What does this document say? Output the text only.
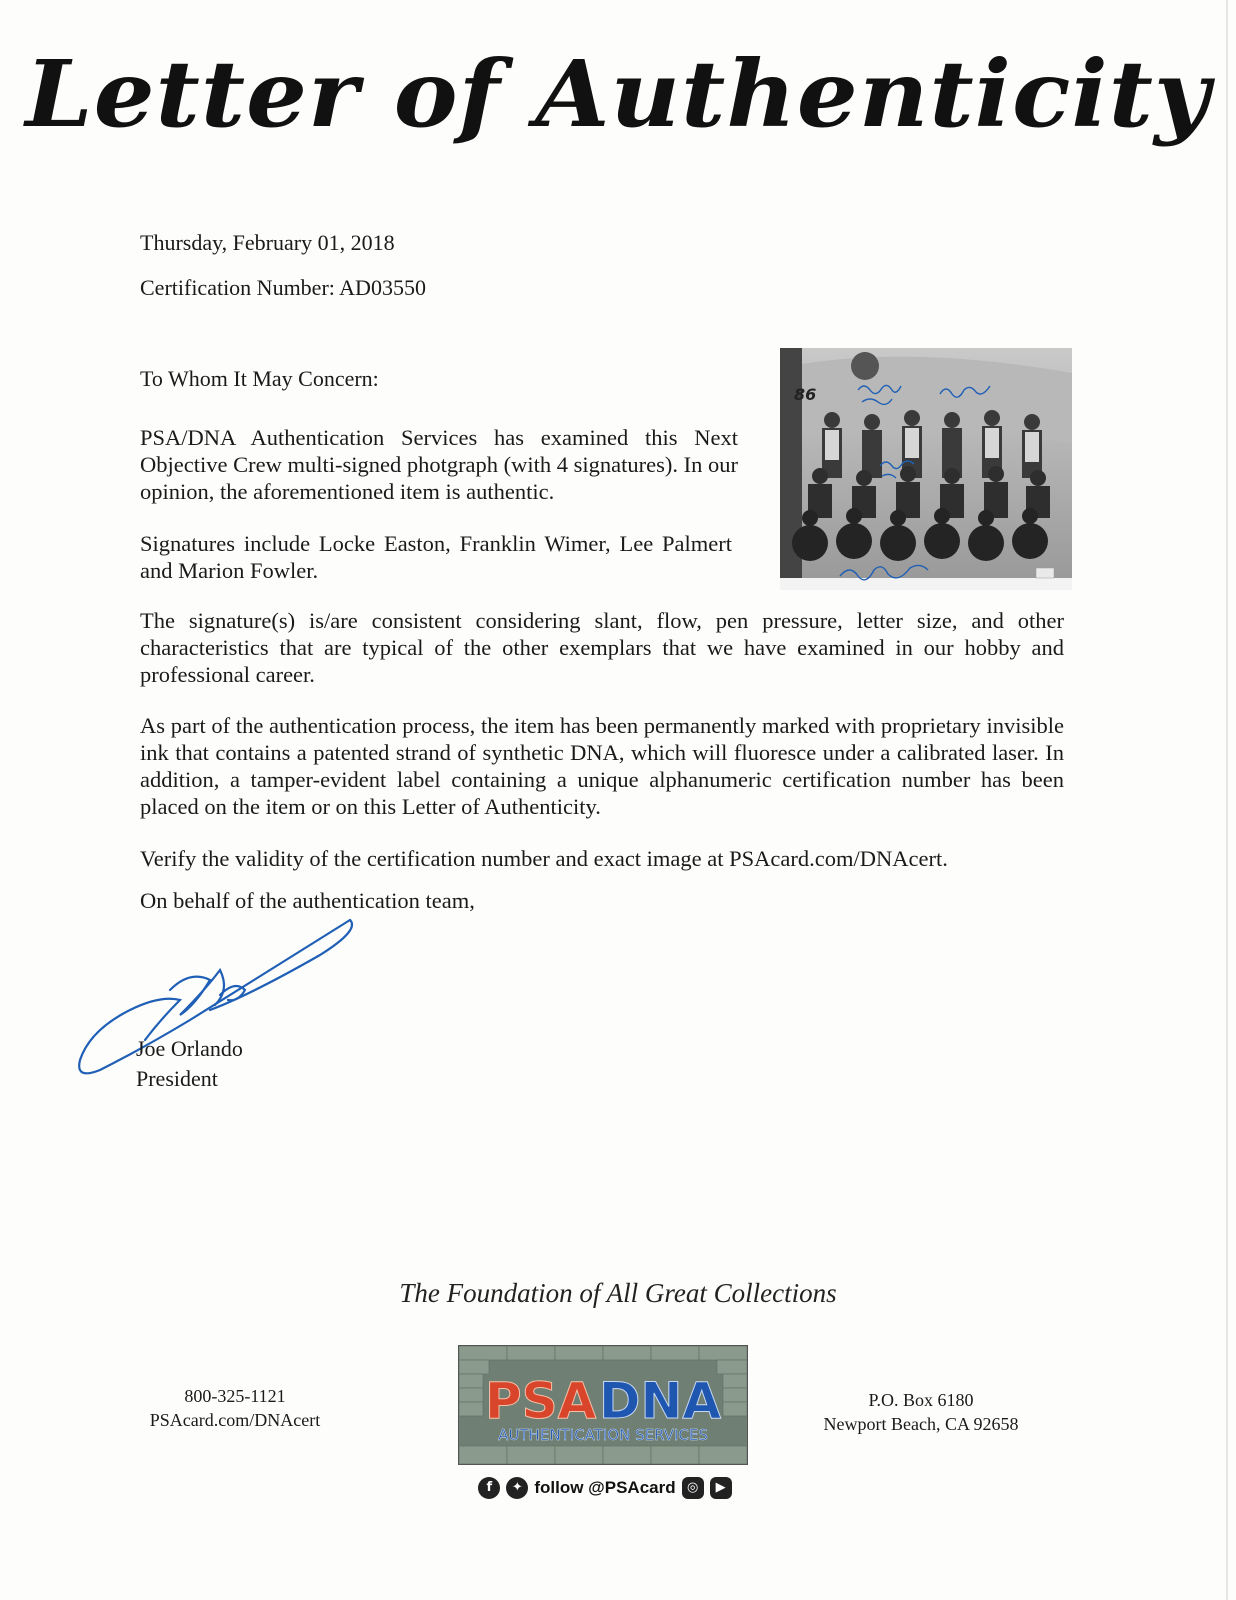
Letter of Authenticity
Thursday, February 01, 2018
Certification Number: AD03550
To Whom It May Concern:
86
PSA/DNA Authentication Services has examined this Next Objective Crew multi-signed photgraph (with 4 signatures). In our opinion, the aforementioned item is authentic.
Signatures include Locke Easton, Franklin Wimer, Lee Palmert and Marion Fowler.
The signature(s) is/are consistent considering slant, flow, pen pressure, letter size, and other characteristics that are typical of the other exemplars that we have examined in our hobby and professional career.
As part of the authentication process, the item has been permanently marked with proprietary invisible ink that contains a patented strand of synthetic DNA, which will fluoresce under a calibrated laser. In addition, a tamper-evident label containing a unique alphanumeric certification number has been placed on the item or on this Letter of Authenticity.
Verify the validity of the certification number and exact image at PSAcard.com/DNAcert.
On behalf of the authentication team,
Joe Orlando
President
The Foundation of All Great Collections
800-325-1121
PSAcard.com/DNAcert
P.O. Box 6180
Newport Beach, CA 92658
PSA DNA
AUTHENTICATION SERVICES
f	✦ follow @PSAcard ◎	▶
